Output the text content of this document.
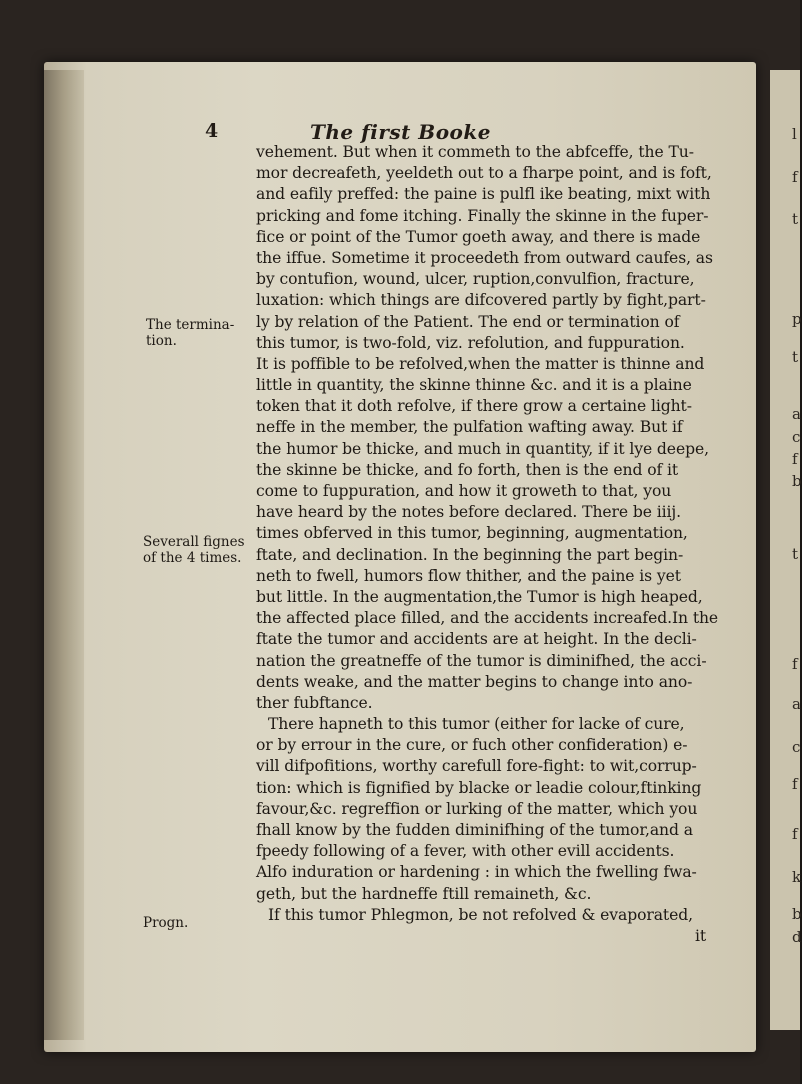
l
f
t
p
t
a
c
f
b
t
f
a
c
f
f
k
b
d
4	The first Booke
The termina-
tion.
Severall fignes
of the 4 times.
Progn.
vehement. But when it commeth to the abfceffe, the Tu-
mor decreafeth, yeeldeth out to a fharpe point, and is foft,
and eafily preffed: the paine is pulfl ike beating, mixt with
pricking and fome itching. Finally the skinne in the fuper-
fice or point of the Tumor goeth away, and there is made
the iffue. Sometime it proceedeth from outward caufes, as
by contufion, wound, ulcer, ruption,convulfion, fracture,
luxation: which things are difcovered partly by fight,part-
ly by relation of the Patient. The end or termination of
this tumor, is two-fold, viz. refolution, and fuppuration.
It is poffible to be refolved,when the matter is thinne and
little in quantity, the skinne thinne &c. and it is a plaine
token that it doth refolve, if there grow a certaine light-
neffe in the member, the pulfation wafting away. But if
the humor be thicke, and much in quantity, if it lye deepe,
the skinne be thicke, and fo forth, then is the end of it
come to fuppuration, and how it groweth to that, you
have heard by the notes before declared. There be iiij.
times obferved in this tumor, beginning, augmentation,
ftate, and declination. In the beginning the part begin-
neth to fwell, humors flow thither, and the paine is yet
but little. In the augmentation,the Tumor is high heaped,
the affected place filled, and the accidents increafed.In the
ftate the tumor and accidents are at height. In the decli-
nation the greatneffe of the tumor is diminifhed, the acci-
dents weake, and the matter begins to change into ano-
ther fubftance.
There hapneth to this tumor (either for lacke of cure,
or by errour in the cure, or fuch other confideration) e-
vill difpofitions, worthy carefull fore-fight: to wit,corrup-
tion: which is fignified by blacke or leadie colour,ftinking
favour,&c. regreffion or lurking of the matter, which you
fhall know by the fudden diminifhing of the tumor,and a
fpeedy following of a fever, with other evill accidents.
Alfo induration or hardening : in which the fwelling fwa-
geth, but the hardneffe ftill remaineth, &c.
If this tumor Phlegmon, be not refolved & evaporated,
it
